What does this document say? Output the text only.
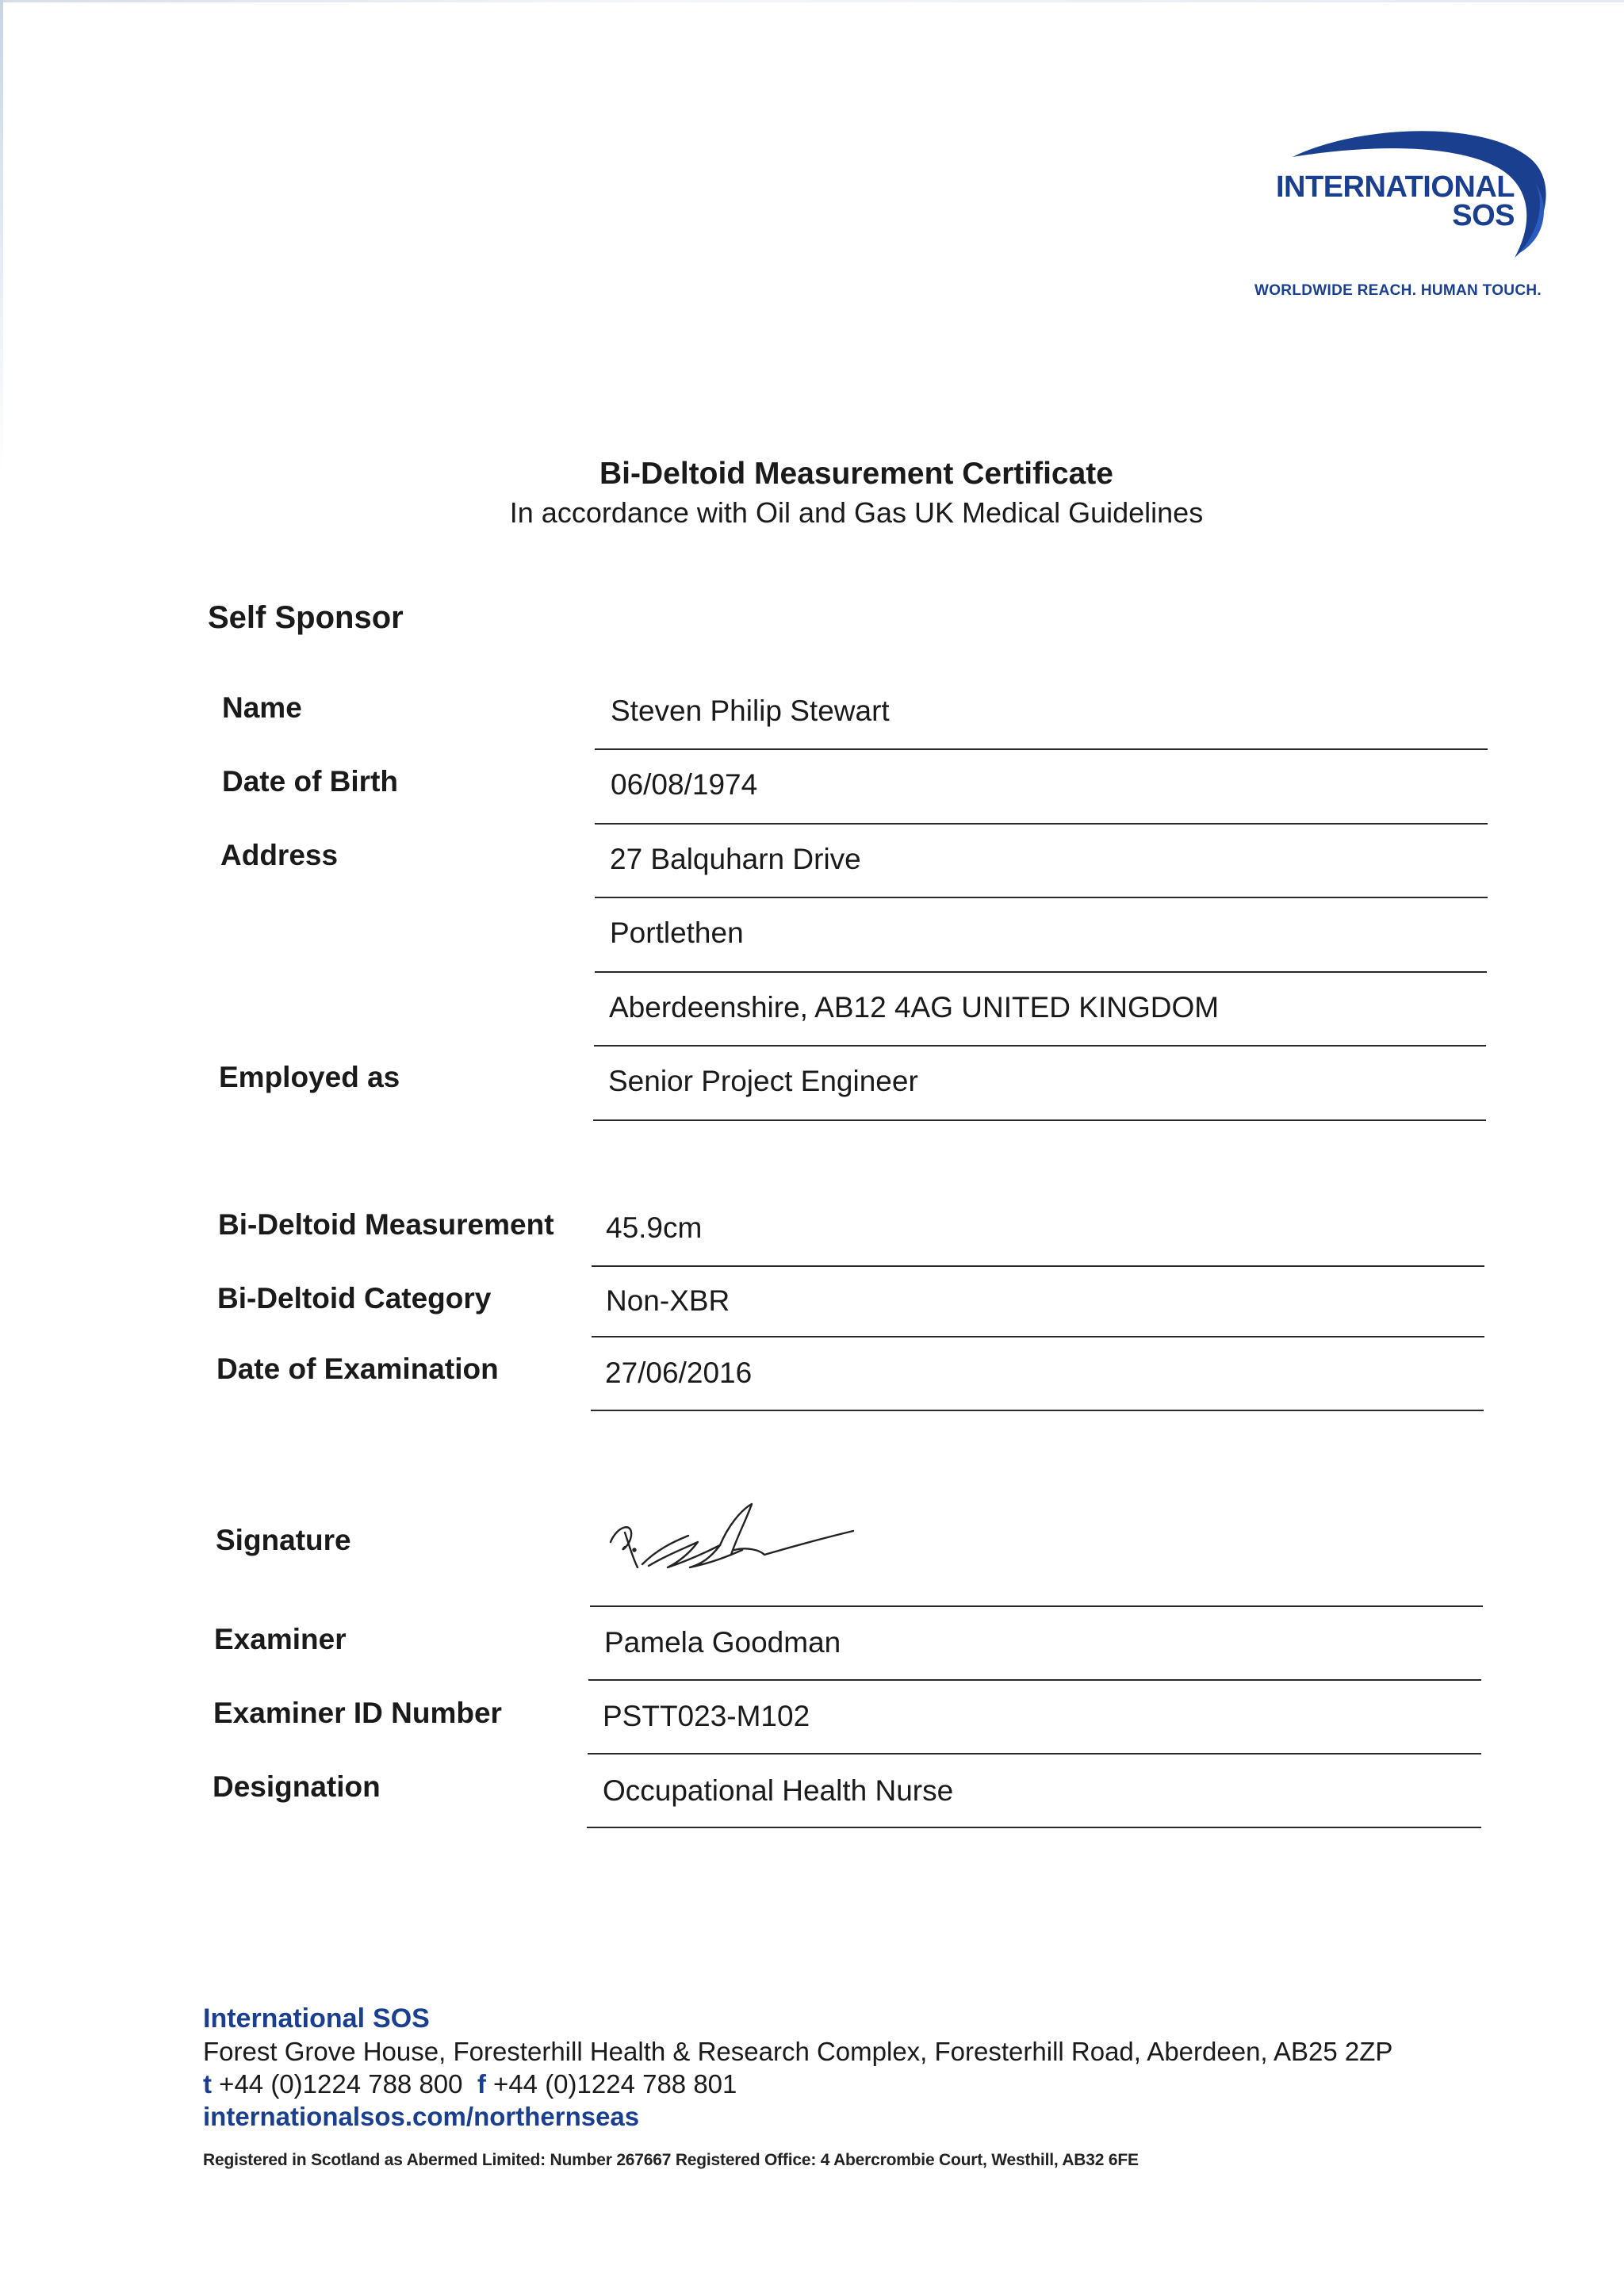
INTERNATIONAL
SOS
WORLDWIDE REACH. HUMAN TOUCH.
Bi-Deltoid Measurement Certificate
In accordance with Oil and Gas UK Medical Guidelines
Self Sponsor
Name	Steven Philip Stewart
Date of Birth	06/08/1974
Address	27 Balquharn Drive
Portlethen
Aberdeenshire, AB12 4AG UNITED KINGDOM
Employed as	Senior Project Engineer
Bi-Deltoid Measurement 45.9cm
Bi-Deltoid Category	Non-XBR
Date of Examination	27/06/2016
Signature
Examiner	Pamela Goodman
Examiner ID Number	PSTT023-M102
Designation	Occupational Health Nurse
International SOS
Forest Grove House, Foresterhill Health & Research Complex, Foresterhill Road, Aberdeen, AB25 2ZP
t +44 (0)1224 788 800 f +44 (0)1224 788 801
internationalsos.com/northernseas
Registered in Scotland as Abermed Limited: Number 267667 Registered Office: 4 Abercrombie Court, Westhill, AB32 6FE
